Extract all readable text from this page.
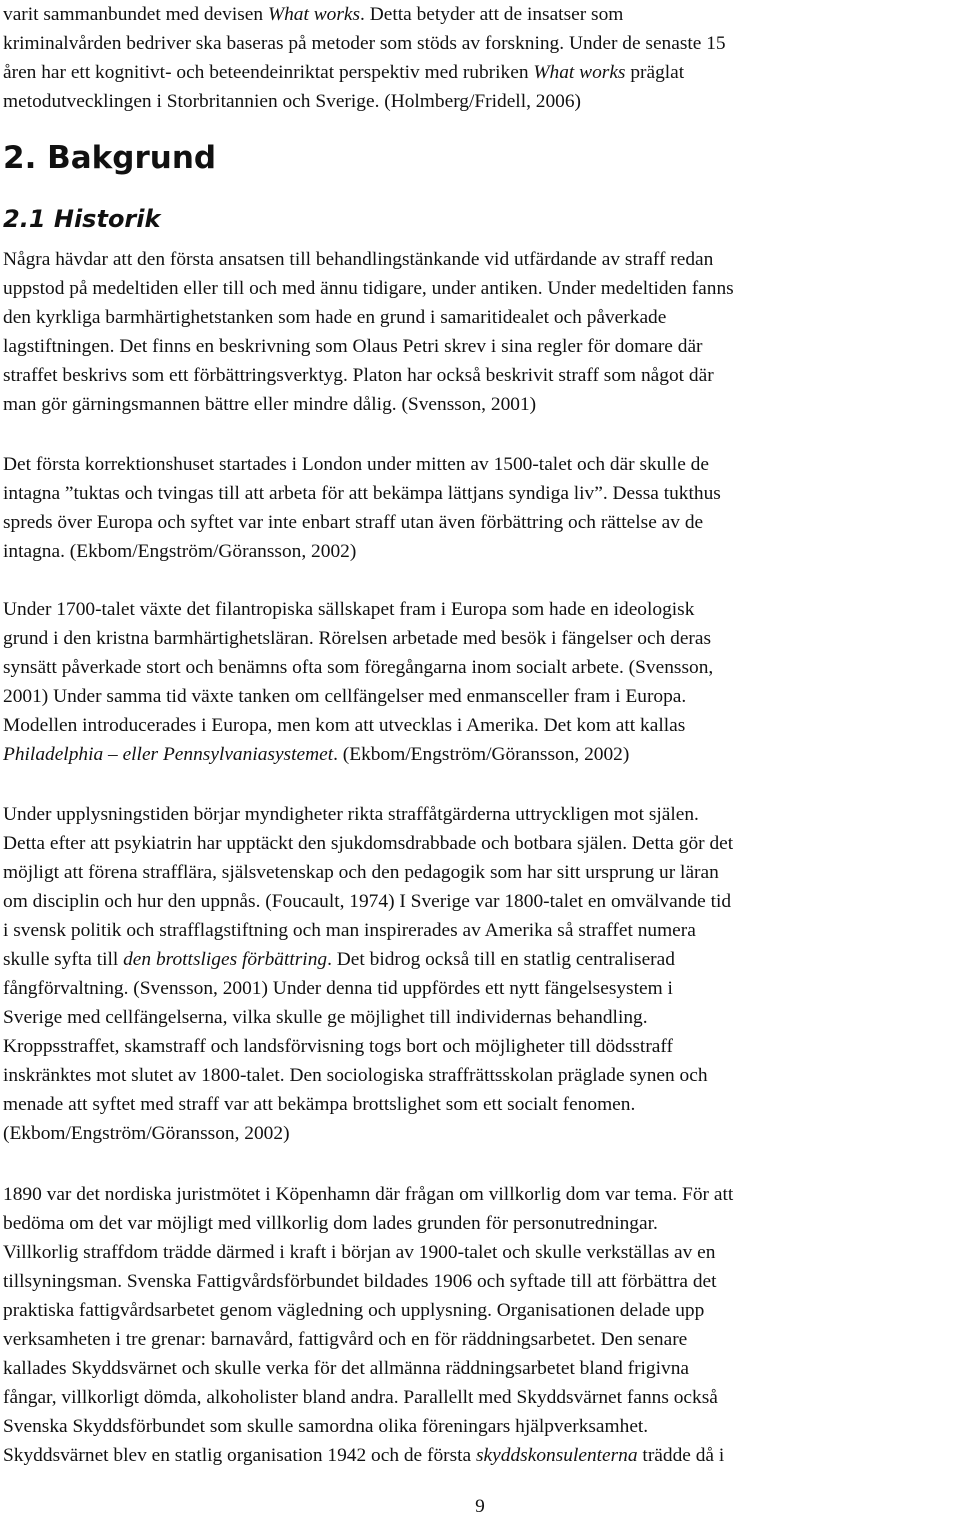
varit sammanbundet med devisen What works. Detta betyder att de insatser som
kriminalvården bedriver ska baseras på metoder som stöds av forskning. Under de senaste 15
åren har ett kognitivt- och beteendeinriktat perspektiv med rubriken What works präglat
metodutvecklingen i Storbritannien och Sverige. (Holmberg/Fridell, 2006)

2. Bakgrund
2.1 Historik

Några hävdar att den första ansatsen till behandlingstänkande vid utfärdande av straff redan
uppstod på medeltiden eller till och med ännu tidigare, under antiken. Under medeltiden fanns
den kyrkliga barmhärtighetstanken som hade en grund i samaritidealet och påverkade
lagstiftningen. Det finns en beskrivning som Olaus Petri skrev i sina regler för domare där
straffet beskrivs som ett förbättringsverktyg. Platon har också beskrivit straff som något där
man gör gärningsmannen bättre eller mindre dålig. (Svensson, 2001)

Det första korrektionshuset startades i London under mitten av 1500-talet och där skulle de
intagna ”tuktas och tvingas till att arbeta för att bekämpa lättjans syndiga liv”. Dessa tukthus
spreds över Europa och syftet var inte enbart straff utan även förbättring och rättelse av de
intagna. (Ekbom/Engström/Göransson, 2002)

Under 1700-talet växte det filantropiska sällskapet fram i Europa som hade en ideologisk
grund i den kristna barmhärtighetsläran. Rörelsen arbetade med besök i fängelser och deras
synsätt påverkade stort och benämns ofta som föregångarna inom socialt arbete. (Svensson,
2001) Under samma tid växte tanken om cellfängelser med enmansceller fram i Europa.
Modellen introducerades i Europa, men kom att utvecklas i Amerika. Det kom att kallas
Philadelphia – eller Pennsylvaniasystemet. (Ekbom/Engström/Göransson, 2002)

Under upplysningstiden börjar myndigheter rikta straffåtgärderna uttryckligen mot själen.
Detta efter att psykiatrin har upptäckt den sjukdomsdrabbade och botbara själen. Detta gör det
möjligt att förena strafflära, själsvetenskap och den pedagogik som har sitt ursprung ur läran
om disciplin och hur den uppnås. (Foucault, 1974) I Sverige var 1800-talet en omvälvande tid
i svensk politik och strafflagstiftning och man inspirerades av Amerika så straffet numera
skulle syfta till den brottsliges förbättring. Det bidrog också till en statlig centraliserad
fångförvaltning. (Svensson, 2001) Under denna tid uppfördes ett nytt fängelsesystem i
Sverige med cellfängelserna, vilka skulle ge möjlighet till individernas behandling.
Kroppsstraffet, skamstraff och landsförvisning togs bort och möjligheter till dödsstraff
inskränktes mot slutet av 1800-talet. Den sociologiska straffrättsskolan präglade synen och
menade att syftet med straff var att bekämpa brottslighet som ett socialt fenomen.
(Ekbom/Engström/Göransson, 2002)

1890 var det nordiska juristmötet i Köpenhamn där frågan om villkorlig dom var tema. För att
bedöma om det var möjligt med villkorlig dom lades grunden för personutredningar.
Villkorlig straffdom trädde därmed i kraft i början av 1900-talet och skulle verkställas av en
tillsyningsman. Svenska Fattigvårdsförbundet bildades 1906 och syftade till att förbättra det
praktiska fattigvårdsarbetet genom vägledning och upplysning. Organisationen delade upp
verksamheten i tre grenar: barnavård, fattigvård och en för räddningsarbetet. Den senare
kallades Skyddsvärnet och skulle verka för det allmänna räddningsarbetet bland frigivna
fångar, villkorligt dömda, alkoholister bland andra. Parallellt med Skyddsvärnet fanns också
Svenska Skyddsförbundet som skulle samordna olika föreningars hjälpverksamhet.
Skyddsvärnet blev en statlig organisation 1942 och de första skyddskonsulenterna trädde då i

9
